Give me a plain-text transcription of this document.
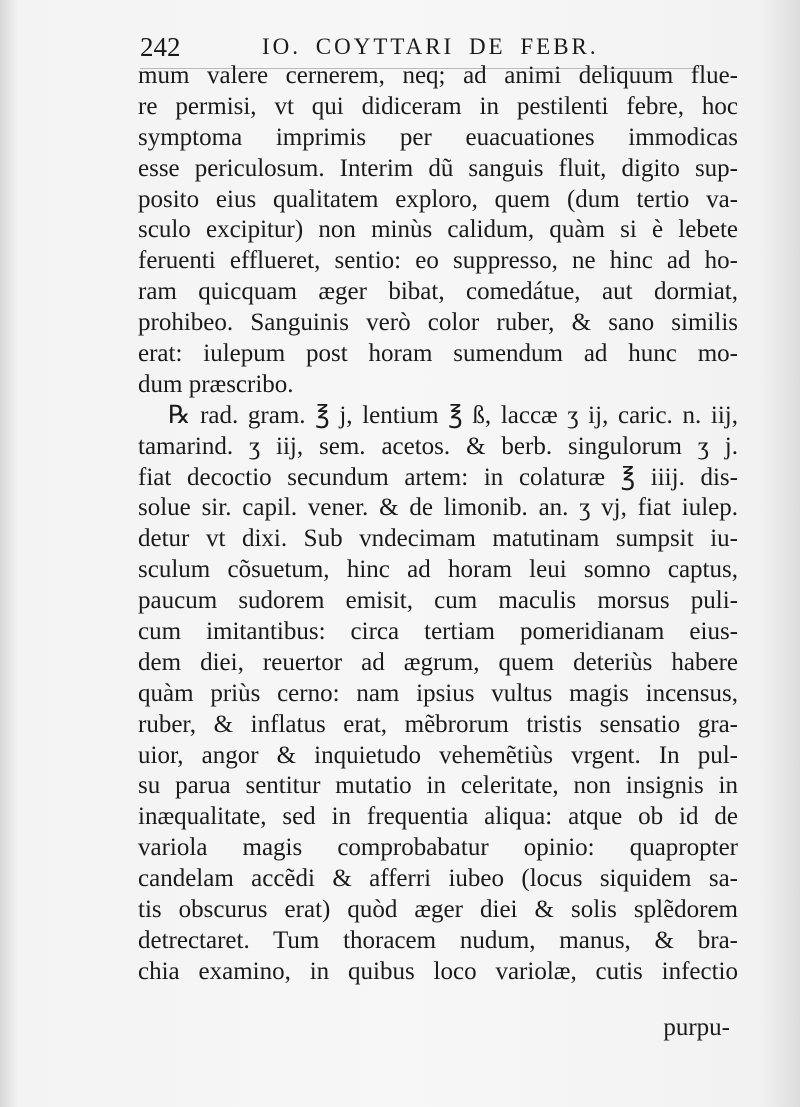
242	IO. COYTTARI DE FEBR.
mum valere cernerem, neq; ad animi deliquum flue-
re permisi, vt qui didiceram in pestilenti febre, hoc
symptoma imprimis per euacuationes immodicas
esse periculosum. Interim dũ sanguis fluit, digito sup-
posito eius qualitatem exploro, quem (dum tertio va-
sculo excipitur) non minùs calidum, quàm si è lebete
feruenti efflueret, sentio: eo suppresso, ne hinc ad ho-
ram quicquam æger bibat, comedátue, aut dormiat,
prohibeo. Sanguinis verò color ruber, & sano similis
erat: iulepum post horam sumendum ad hunc mo-
dum præscribo.
℞ rad. gram. ℥ j, lentium ℥ ß, laccæ ʒ ij, caric. n. iij,
tamarind. ʒ iij, sem. acetos. & berb. singulorum ʒ j.
fiat decoctio secundum artem: in colaturæ ℥ iiij. dis-
solue sir. capil. vener. & de limonib. an. ʒ vj, fiat iulep.
detur vt dixi. Sub vndecimam matutinam sumpsit iu-
sculum cõsuetum, hinc ad horam leui somno captus,
paucum sudorem emisit, cum maculis morsus puli-
cum imitantibus: circa tertiam pomeridianam eius-
dem diei, reuertor ad ægrum, quem deteriùs habere
quàm priùs cerno: nam ipsius vultus magis incensus,
ruber, & inflatus erat, mẽbrorum tristis sensatio gra-
uior, angor & inquietudo vehemẽtiùs vrgent. In pul-
su parua sentitur mutatio in celeritate, non insignis in
inæqualitate, sed in frequentia aliqua: atque ob id de
variola magis comprobabatur opinio: quapropter
candelam accẽdi & afferri iubeo (locus siquidem sa-
tis obscurus erat) quòd æger diei & solis splẽdorem
detrectaret. Tum thoracem nudum, manus, & bra-
chia examino, in quibus loco variolæ, cutis infectio
purpu-
